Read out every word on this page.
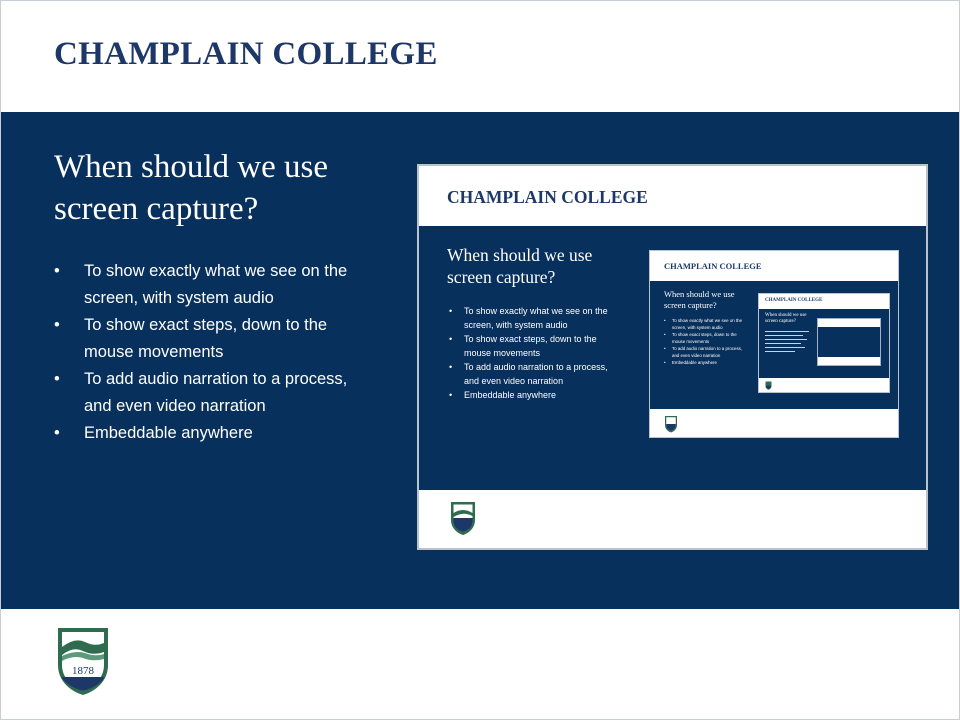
CHAMPLAIN COLLEGE
When should we use screen capture?
• To show exactly what we see on the
screen, with system audio
• To show exact steps, down to the
mouse movements
• To add audio narration to a process,
and even video narration
• Embeddable anywhere
CHAMPLAIN COLLEGE
When should we use screen capture?
• To show exactly what we see on the
screen, with system audio
• To show exact steps, down to the
mouse movements
• To add audio narration to a process,
and even video narration
• Embeddable anywhere
CHAMPLAIN COLLEGE
When should we use screen capture?
• To show exactly what we see on the
screen, with system audio
• To show exact steps, down to the
mouse movements
• To add audio narration to a process,
and even video narration
• Embeddable anywhere
CHAMPLAIN COLLEGE
When should we use screen capture?
1878
